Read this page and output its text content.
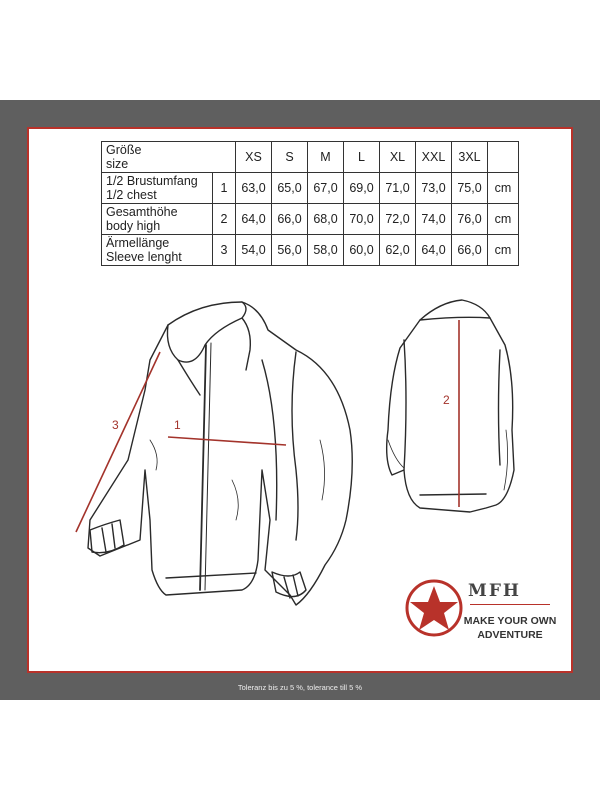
Größe
size		XS	S	M	L	XL	XXL	3XL	
1/2 Brustumfang
1/2 chest	1	63,0	65,0	67,0	69,0	71,0	73,0	75,0	cm
Gesamthöhe
body high	2	64,0	66,0	68,0	70,0	72,0	74,0	76,0	cm
Ärmellänge
Sleeve lenght	3	54,0	56,0	58,0	60,0	62,0	64,0	66,0	cm
3	1
2
MFH
MAKE YOUR OWN
ADVENTURE
Toleranz bis zu 5 %, tolerance till 5 %
